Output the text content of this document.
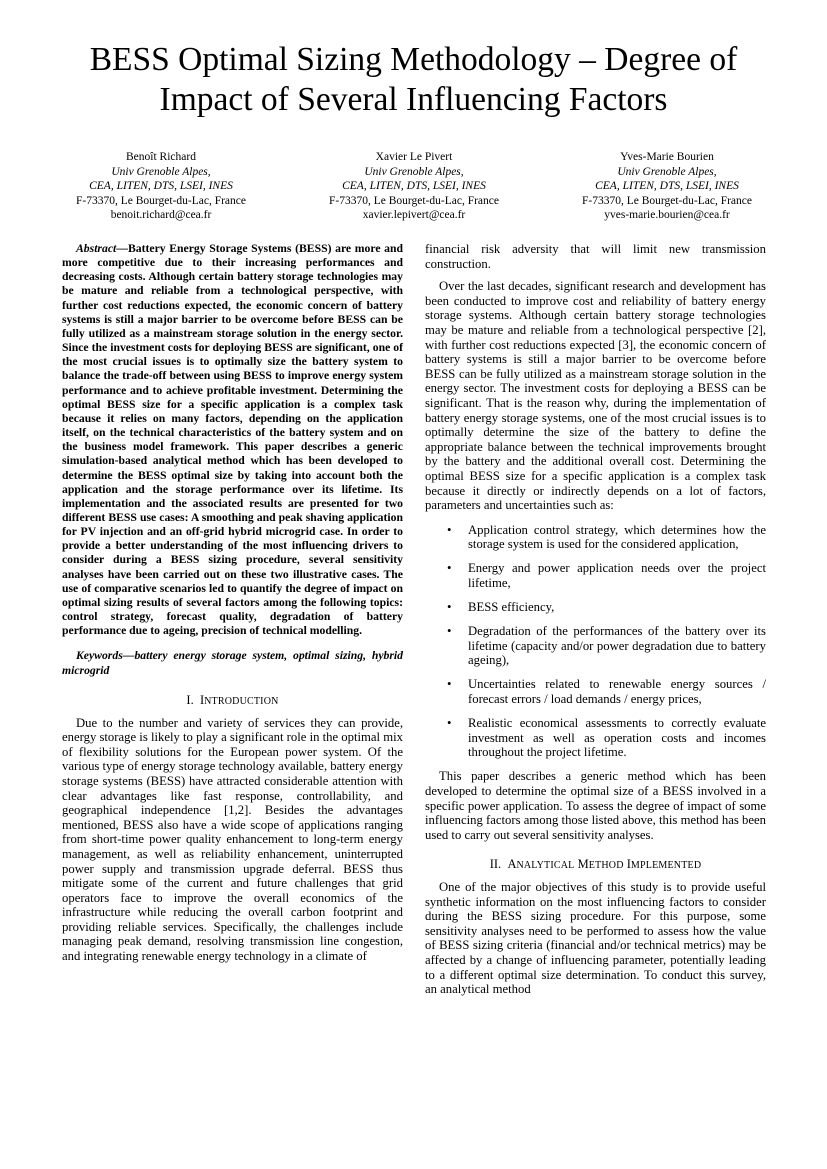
BESS Optimal Sizing Methodology – Degree of Impact of Several Influencing Factors
Benoît Richard
Univ Grenoble Alpes,
CEA, LITEN, DTS, LSEI, INES
F-73370, Le Bourget-du-Lac, France
benoit.richard@cea.fr
Xavier Le Pivert
Univ Grenoble Alpes,
CEA, LITEN, DTS, LSEI, INES
F-73370, Le Bourget-du-Lac, France
xavier.lepivert@cea.fr
Yves-Marie Bourien
Univ Grenoble Alpes,
CEA, LITEN, DTS, LSEI, INES
F-73370, Le Bourget-du-Lac, France
yves-marie.bourien@cea.fr

Abstract—Battery Energy Storage Systems (BESS) are more and more competitive due to their increasing performances and decreasing costs. Although certain battery storage technologies may be mature and reliable from a technological perspective, with further cost reductions expected, the economic concern of battery systems is still a major barrier to be overcome before BESS can be fully utilized as a mainstream storage solution in the energy sector. Since the investment costs for deploying BESS are significant, one of the most crucial issues is to optimally size the battery system to balance the trade-off between using BESS to improve energy system performance and to achieve profitable investment. Determining the optimal BESS size for a specific application is a complex task because it relies on many factors, depending on the application itself, on the technical characteristics of the battery system and on the business model framework. This paper describes a generic simulation-based analytical method which has been developed to determine the BESS optimal size by taking into account both the application and the storage performance over its lifetime. Its implementation and the associated results are presented for two different BESS use cases: A smoothing and peak shaving application for PV injection and an off-grid hybrid microgrid case. In order to provide a better understanding of the most influencing drivers to consider during a BESS sizing procedure, several sensitivity analyses have been carried out on these two illustrative cases. The use of comparative scenarios led to quantify the degree of impact on optimal sizing results of several factors among the following topics: control strategy, forecast quality, degradation of battery performance due to ageing, precision of technical modelling.

Keywords—battery energy storage system, optimal sizing, hybrid microgrid

I. INTRODUCTION

Due to the number and variety of services they can provide, energy storage is likely to play a significant role in the optimal mix of flexibility solutions for the European power system. Of the various type of energy storage technology available, battery energy storage systems (BESS) have attracted considerable attention with clear advantages like fast response, controllability, and geographical independence [1,2]. Besides the advantages mentioned, BESS also have a wide scope of applications ranging from short-time power quality enhancement to long-term energy management, as well as reliability enhancement, uninterrupted power supply and transmission upgrade deferral. BESS thus mitigate some of the current and future challenges that grid operators face to improve the overall economics of the infrastructure while reducing the overall carbon footprint and providing reliable services. Specifically, the challenges include managing peak demand, resolving transmission line congestion, and integrating renewable energy technology in a climate of

financial risk adversity that will limit new transmission construction.

Over the last decades, significant research and development has been conducted to improve cost and reliability of battery energy storage systems. Although certain battery storage technologies may be mature and reliable from a technological perspective [2], with further cost reductions expected [3], the economic concern of battery systems is still a major barrier to be overcome before BESS can be fully utilized as a mainstream storage solution in the energy sector. The investment costs for deploying a BESS can be significant. That is the reason why, during the implementation of battery energy storage systems, one of the most crucial issues is to optimally determine the size of the battery to define the appropriate balance between the technical improvements brought by the battery and the additional overall cost. Determining the optimal BESS size for a specific application is a complex task because it directly or indirectly depends on a lot of factors, parameters and uncertainties such as:

• Application control strategy, which determines how the storage system is used for the considered application,
• Energy and power application needs over the project lifetime,
• BESS efficiency,
• Degradation of the performances of the battery over its lifetime (capacity and/or power degradation due to battery ageing),
• Uncertainties related to renewable energy sources / forecast errors / load demands / energy prices,
• Realistic economical assessments to correctly evaluate investment as well as operation costs and incomes throughout the project lifetime.

This paper describes a generic method which has been developed to determine the optimal size of a BESS involved in a specific power application. To assess the degree of impact of some influencing factors among those listed above, this method has been used to carry out several sensitivity analyses.

II. ANALYTICAL METHOD IMPLEMENTED

One of the major objectives of this study is to provide useful synthetic information on the most influencing factors to consider during the BESS sizing procedure. For this purpose, some sensitivity analyses need to be performed to assess how the value of BESS sizing criteria (financial and/or technical metrics) may be affected by a change of influencing parameter, potentially leading to a different optimal size determination. To conduct this survey, an analytical method
